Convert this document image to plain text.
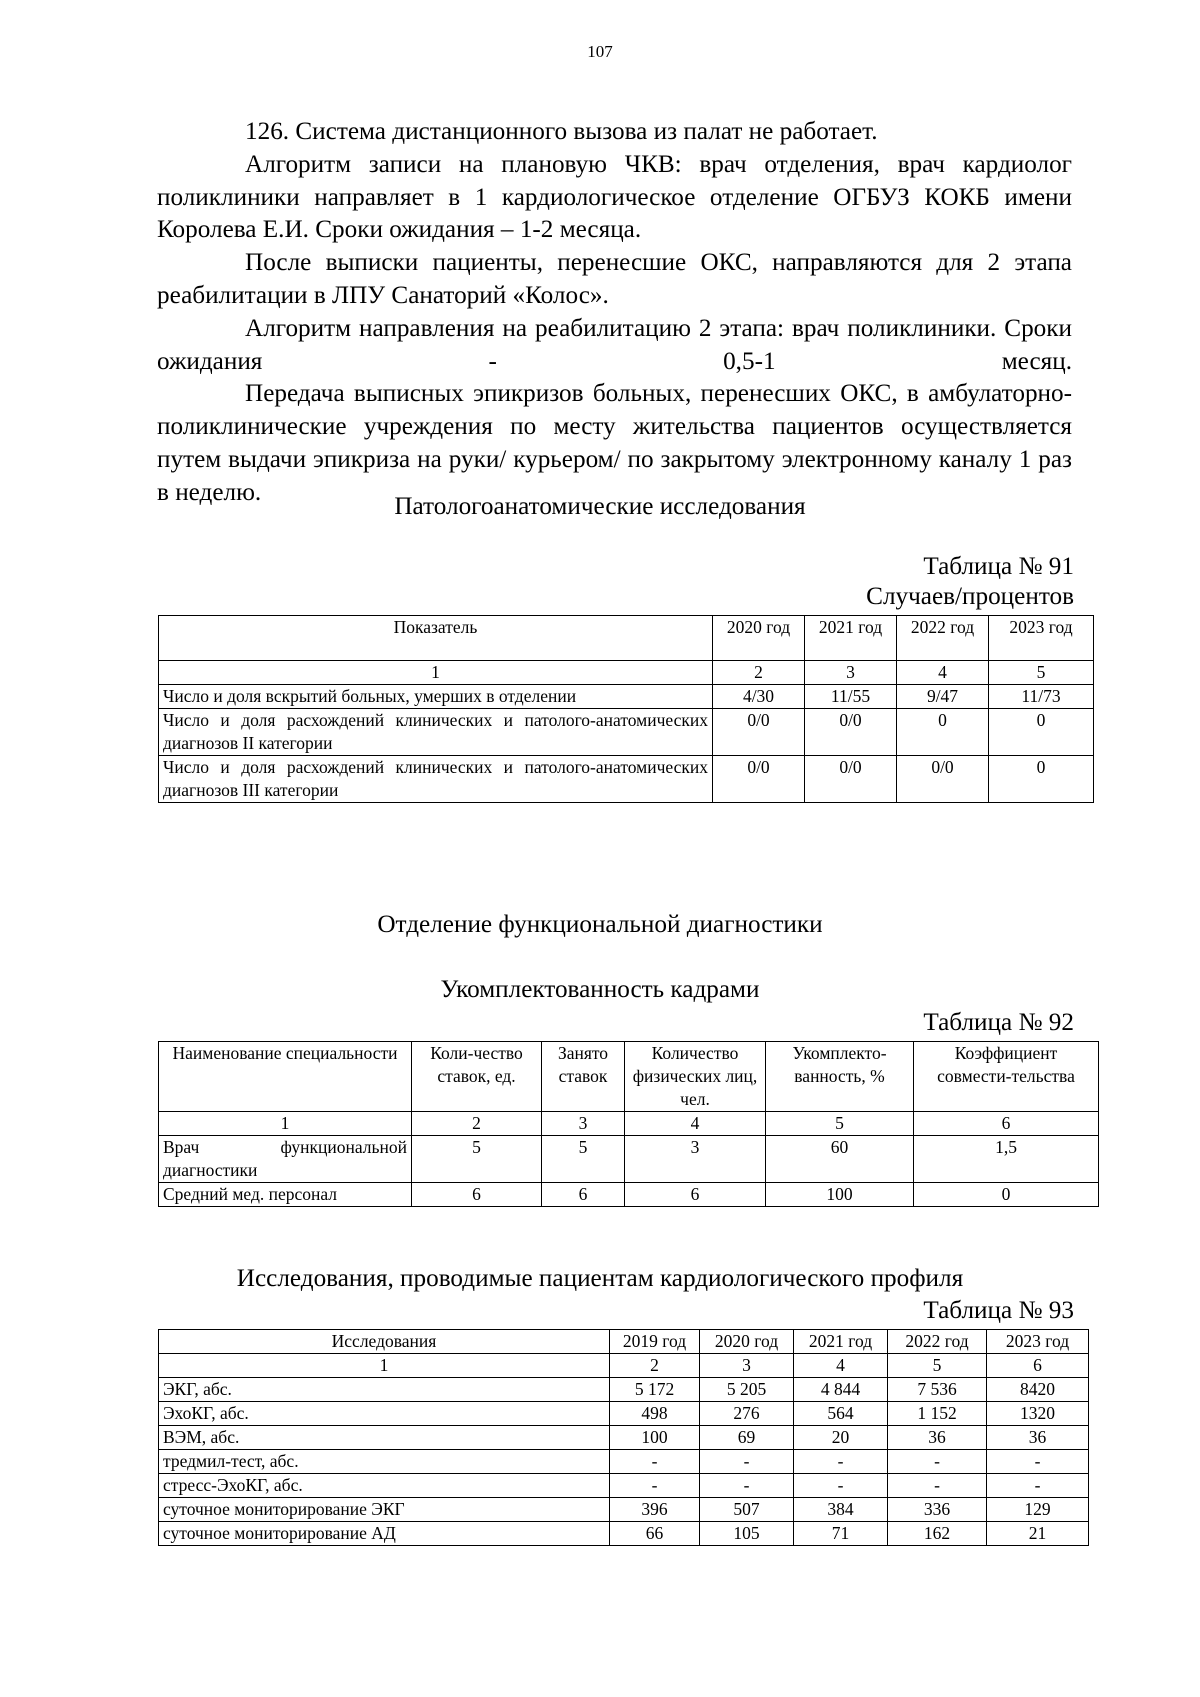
107

126. Система дистанционного вызова из палат не работает.

Алгоритм записи на плановую ЧКВ: врач отделения, врач кардиолог поликлиники направляет в 1 кардиологическое отделение ОГБУЗ КОКБ имени Королева Е.И. Сроки ожидания – 1-2 месяца.

После выписки пациенты, перенесшие ОКС, направляются для 2 этапа реабилитации в ЛПУ Санаторий «Колос».

Алгоритм направления на реабилитацию 2 этапа: врач поликлиники. Сроки ожидания - 0,5-1 месяц.

Передача выписных эпикризов больных, перенесших ОКС, в амбулаторно-поликлинические учреждения по месту жительства пациентов осуществляется путем выдачи эпикриза на руки/ курьером/ по закрытому электронному каналу 1 раз в неделю.

Патологоанатомические исследования
Таблица № 91
Случаев/процентов
Показатель	2020 год	2021 год	2022 год	2023 год
1	2	3	4	5
Число и доля вскрытий больных, умерших в отделении	4/30	11/55	9/47	11/73
Число и доля расхождений клинических и патолого-анатомических диагнозов II категории	0/0	0/0	0	0
Число и доля расхождений клинических и патолого-анатомических диагнозов III категории	0/0	0/0	0/0	0
Отделение функциональной диагностики
Укомплектованность кадрами
Таблица № 92
Наименование специальности	Коли-чество ставок, ед.	Занято ставок	Количество физических лиц, чел.	Укомплекто-ванность, %	Коэффициент совмести-тельства
1	2	3	4	5	6
Врач функциональной диагностики	5	5	3	60	1,5
Средний мед. персонал	6	6	6	100	0
Исследования, проводимые пациентам кардиологического профиля
Таблица № 93
Исследования	2019 год	2020 год	2021 год	2022 год	2023 год
1	2	3	4	5	6
ЭКГ, абс.	5 172	5 205	4 844	7 536	8420
ЭхоКГ, абс.	498	276	564	1 152	1320
ВЭМ, абс.	100	69	20	36	36
тредмил-тест, абс.	-	-	-	-	-
стресс-ЭхоКГ, абс.	-	-	-	-	-
суточное мониторирование ЭКГ	396	507	384	336	129
суточное мониторирование АД	66	105	71	162	21
